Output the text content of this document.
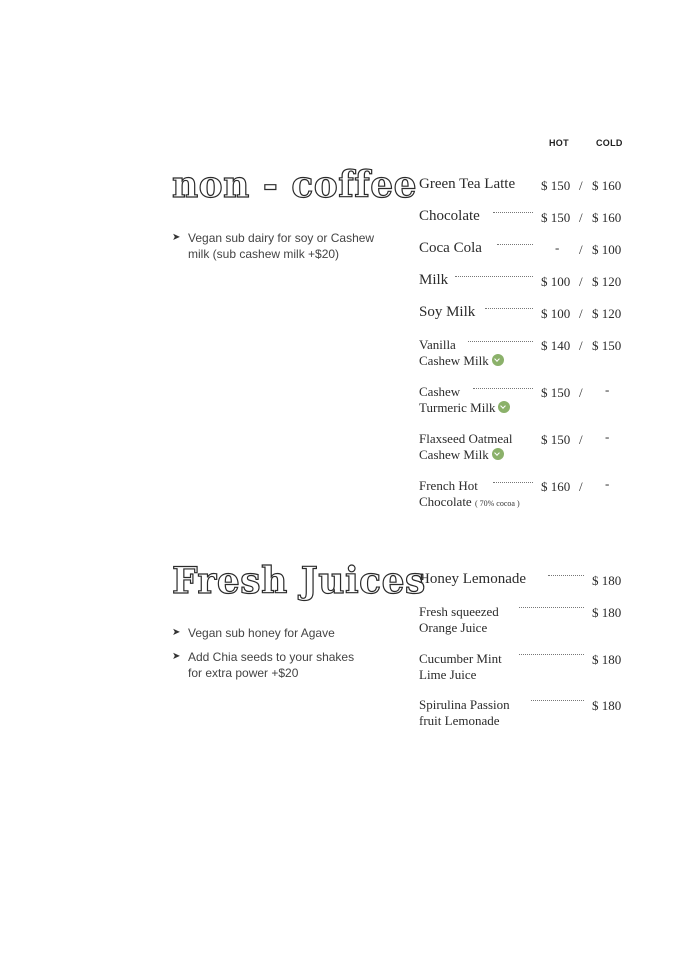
HOT	COLD
non - coffee
➤ Vegan sub dairy for soy or Cashew milk (sub cashew milk +$20)
Green Tea Latte $ 150 / $ 160
Chocolate	$ 150 / $ 160
Coca Cola	- / $ 100
Milk	$ 100 / $ 120
Soy Milk	$ 100 / $ 120
Vanilla
Cashew Milk
$ 140 / $ 150
Cashew
Turmeric Milk
$ 150 / -
Flaxseed Oatmeal
Cashew Milk
$ 150 / -
French Hot
Chocolate ( 70% cocoa )
$ 160 / -
Fresh Juices
➤ Vegan sub honey for Agave
➤ Add Chia seeds to your shakes for extra power +$20
Honey Lemonade	$ 180
Fresh squeezed
Orange Juice
$ 180
Cucumber Mint
Lime Juice
$ 180
Spirulina Passion
fruit Lemonade
$ 180
